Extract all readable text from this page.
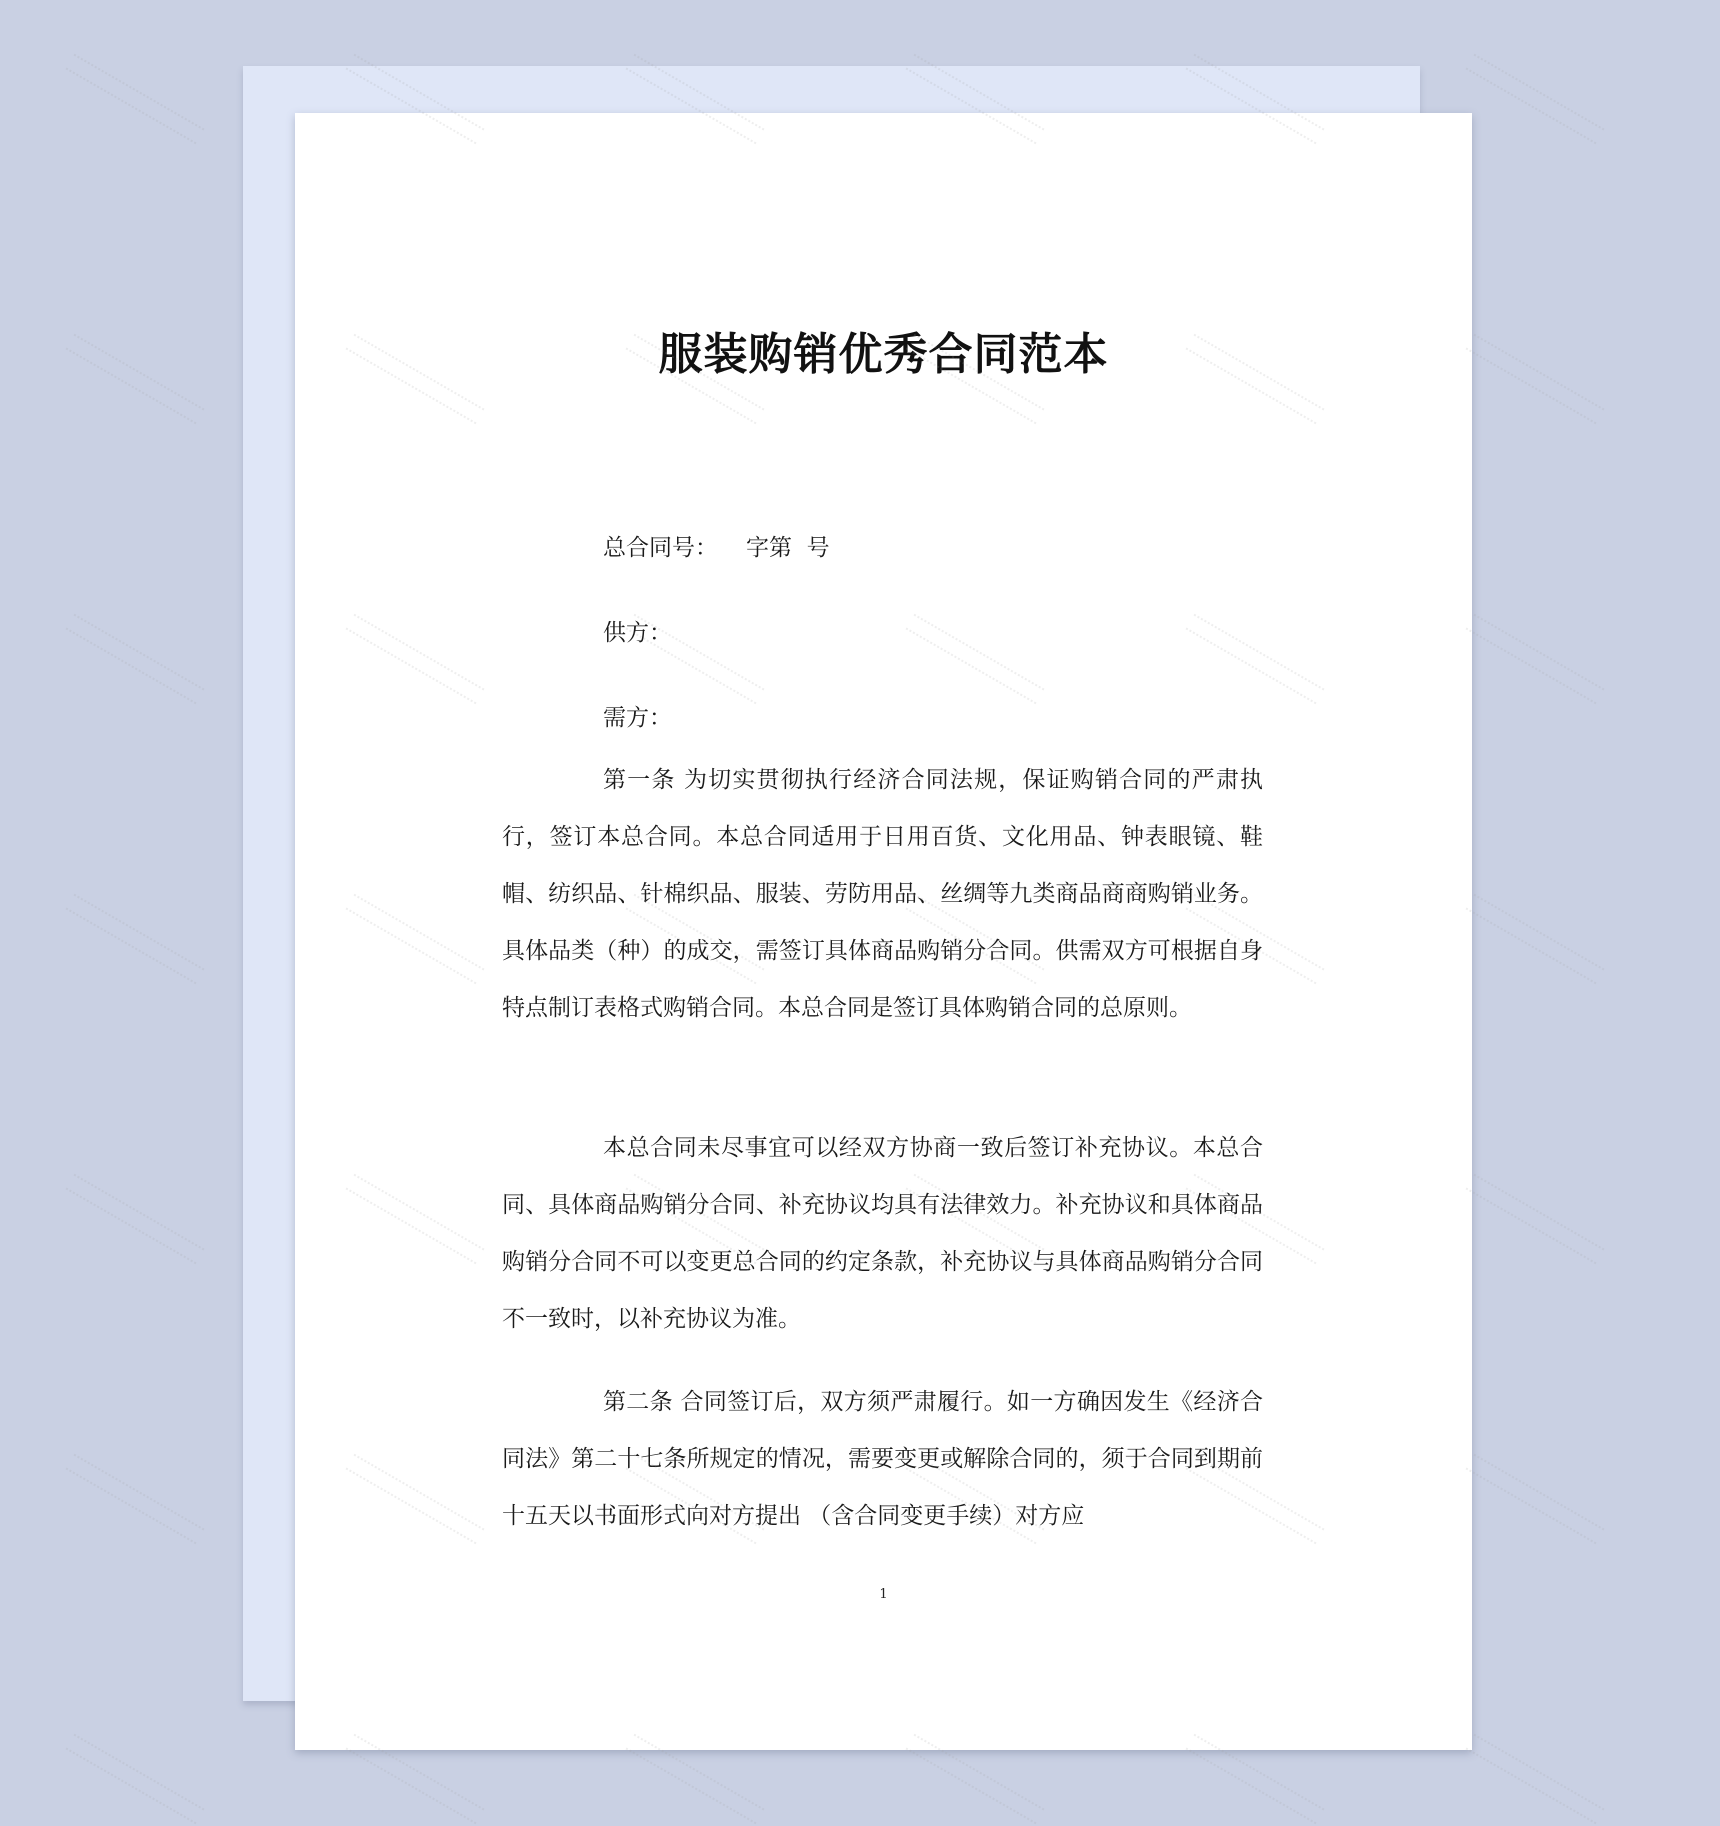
服装购销优秀合同范本
总合同号： 字第  号
供方：
需方：

第一条 为切实贯彻执行经济合同法规，保证购销合同的严肃执行，签订本总合同。本总合同适用于日用百货、文化用品、钟表眼镜、鞋帽、纺织品、针棉织品、服装、劳防用品、丝绸等九类商品商商购销业务。具体品类（种）的成交，需签订具体商品购销分合同。供需双方可根据自身特点制订表格式购销合同。本总合同是签订具体购销合同的总原则。

本总合同未尽事宜可以经双方协商一致后签订补充协议。本总合同、具体商品购销分合同、补充协议均具有法律效力。补充协议和具体商品购销分合同不可以变更总合同的约定条款，补充协议与具体商品购销分合同不一致时，以补充协议为准。

第二条 合同签订后，双方须严肃履行。如一方确因发生《经济合同法》第二十七条所规定的情况，需要变更或解除合同的，须于合同到期前十五天以书面形式向对方提出 （含合同变更手续）对方应

1
